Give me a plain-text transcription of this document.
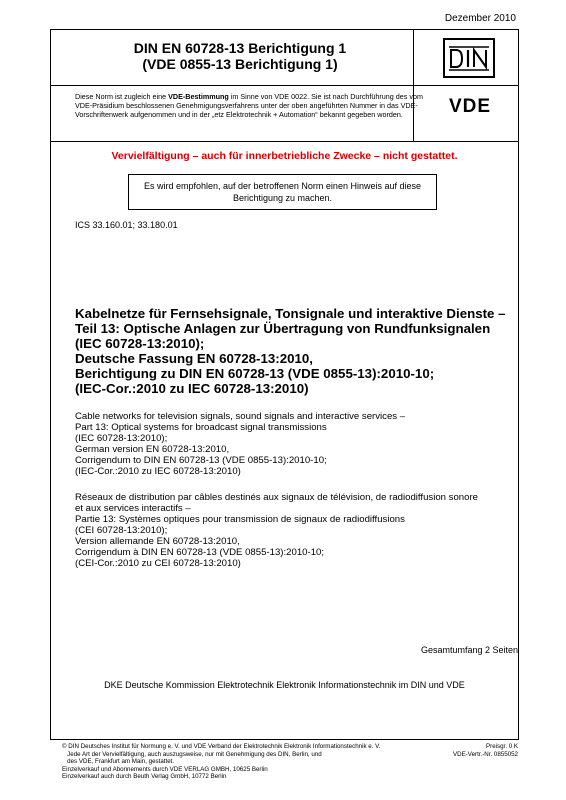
Dezember 2010
DIN EN 60728-13 Berichtigung 1
(VDE 0855-13 Berichtigung 1)
VDE
Diese Norm ist zugleich eine VDE-Bestimmung im Sinne von VDE 0022. Sie ist nach Durchführung des vom VDE-Präsidium beschlossenen Genehmigungsverfahrens unter der oben angeführten Nummer in das VDE-Vorschriftenwerk aufgenommen und in der „etz Elektrotechnik + Automation“ bekannt gegeben worden.
Vervielfältigung – auch für innerbetriebliche Zwecke – nicht gestattet.
Es wird empfohlen, auf der betroffenen Norm einen Hinweis auf diese Berichtigung zu machen.
ICS 33.160.01; 33.180.01
Kabelnetze für Fernsehsignale, Tonsignale und interaktive Dienste –
Teil 13: Optische Anlagen zur Übertragung von Rundfunksignalen
(IEC 60728-13:2010);
Deutsche Fassung EN 60728-13:2010,
Berichtigung zu DIN EN 60728-13 (VDE 0855-13):2010-10;
(IEC-Cor.:2010 zu IEC 60728-13:2010)
Cable networks for television signals, sound signals and interactive services –
Part 13: Optical systems for broadcast signal transmissions
(IEC 60728-13:2010);
German version EN 60728-13:2010,
Corrigendum to DIN EN 60728-13 (VDE 0855-13):2010-10;
(IEC-Cor.:2010 zu IEC 60728-13:2010)
Réseaux de distribution par câbles destinés aux signaux de télévision, de radiodiffusion sonore
et aux services interactifs –
Partie 13: Systèmes optiques pour transmission de signaux de radiodiffusions
(CEI 60728-13:2010);
Version allemande EN 60728-13:2010,
Corrigendum à DIN EN 60728-13 (VDE 0855-13):2010-10;
(CEI-Cor.:2010 zu CEI 60728-13:2010)
Gesamtumfang 2 Seiten
DKE Deutsche Kommission Elektrotechnik Elektronik Informationstechnik im DIN und VDE
© DIN Deutsches Institut für Normung e. V. und VDE Verband der Elektrotechnik Elektronik Informationstechnik e. V.
Jede Art der Vervielfältigung, auch auszugsweise, nur mit Genehmigung des DIN, Berlin, und
des VDE, Frankfurt am Main, gestattet.
Einzelverkauf und Abonnements durch VDE VERLAG GMBH, 10625 Berlin
Einzelverkauf auch durch Beuth Verlag GmbH, 10772 Berlin
Preisgr. 0 K
VDE-Vertr.-Nr. 0855052
